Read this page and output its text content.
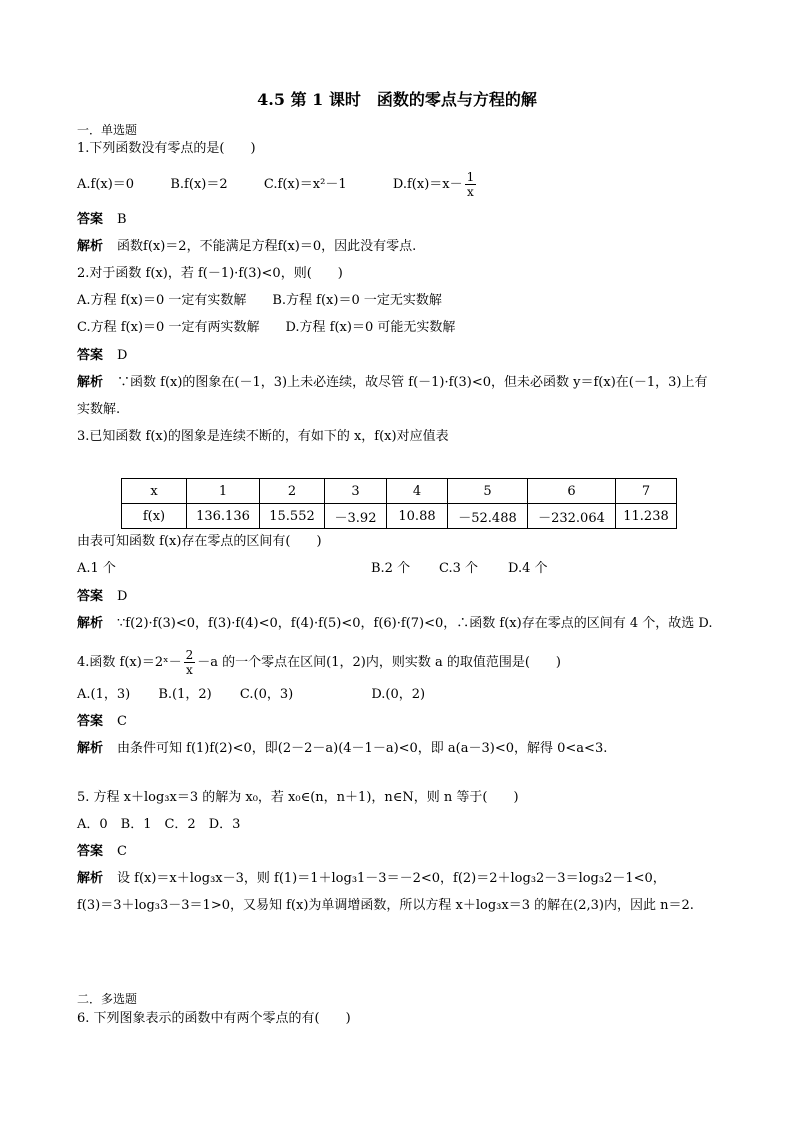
4.5 第 1 课时　函数的零点与方程的解
一．单选题
1.下列函数没有零点的是(　　)
A.f(x)＝0	B.f(x)＝2	C.f(x)＝x²－1	$D.f(x)=x- \frac{1}{x}$
答案 B
解析 函数f(x)＝2，不能满足方程f(x)＝0，因此没有零点.
2.对于函数 f(x)，若 f(－1)·f(3)<0，则(　　)
A.方程 f(x)＝0 一定有实数解 B.方程 f(x)＝0 一定无实数解
C.方程 f(x)＝0 一定有两实数解 D.方程 f(x)＝0 可能无实数解
答案 D
解析 ∵函数 f(x)的图象在(－1，3)上未必连续，故尽管 f(－1)·f(3)<0，但未必函数 y＝f(x)在(－1，3)上有
实数解.
3.已知函数 f(x)的图象是连续不断的，有如下的 x，f(x)对应值表
x	1	2	3	4	5	6	7
f(x)	136.136	15.552	－3.92	10.88	－52.488	－232.064	11.238
由表可知函数 f(x)存在零点的区间有(　　)
A.1 个	B.2 个 C.3 个 D.4 个
答案 D
解析 ∵f(2)·f(3)<0，f(3)·f(4)<0，f(4)·f(5)<0，f(6)·f(7)<0，∴函数 f(x)存在零点的区间有 4 个，故选 D.
4.函数 f(x)＝2ˣ－ $\frac{2}{x} -a$ 的一个零点在区间(1，2)内，则实数 a 的取值范围是(　　)
A.(1，3) B.(1，2) C.(0，3)	D.(0，2)
答案 C
解析 由条件可知 f(1)f(2)<0，即(2－2－a)(4－1－a)<0，即 a(a－3)<0，解得 0<a<3.
5. 方程 x＋log₃x＝3 的解为 x₀，若 x₀∈(n，n＋1)，n∈N，则 n 等于(　　)
A．0　B．1　C．2　D．3
答案 C
解析 设 f(x)＝x＋log₃x－3，则 f(1)＝1＋log₃1－3＝－2<0，f(2)＝2＋log₃2－3＝log₃2－1<0，
f(3)＝3＋log₃3－3＝1>0，又易知 f(x)为单调增函数，所以方程 x＋log₃x＝3 的解在(2,3)内，因此 n＝2.
二．多选题
6. 下列图象表示的函数中有两个零点的有(　　)
